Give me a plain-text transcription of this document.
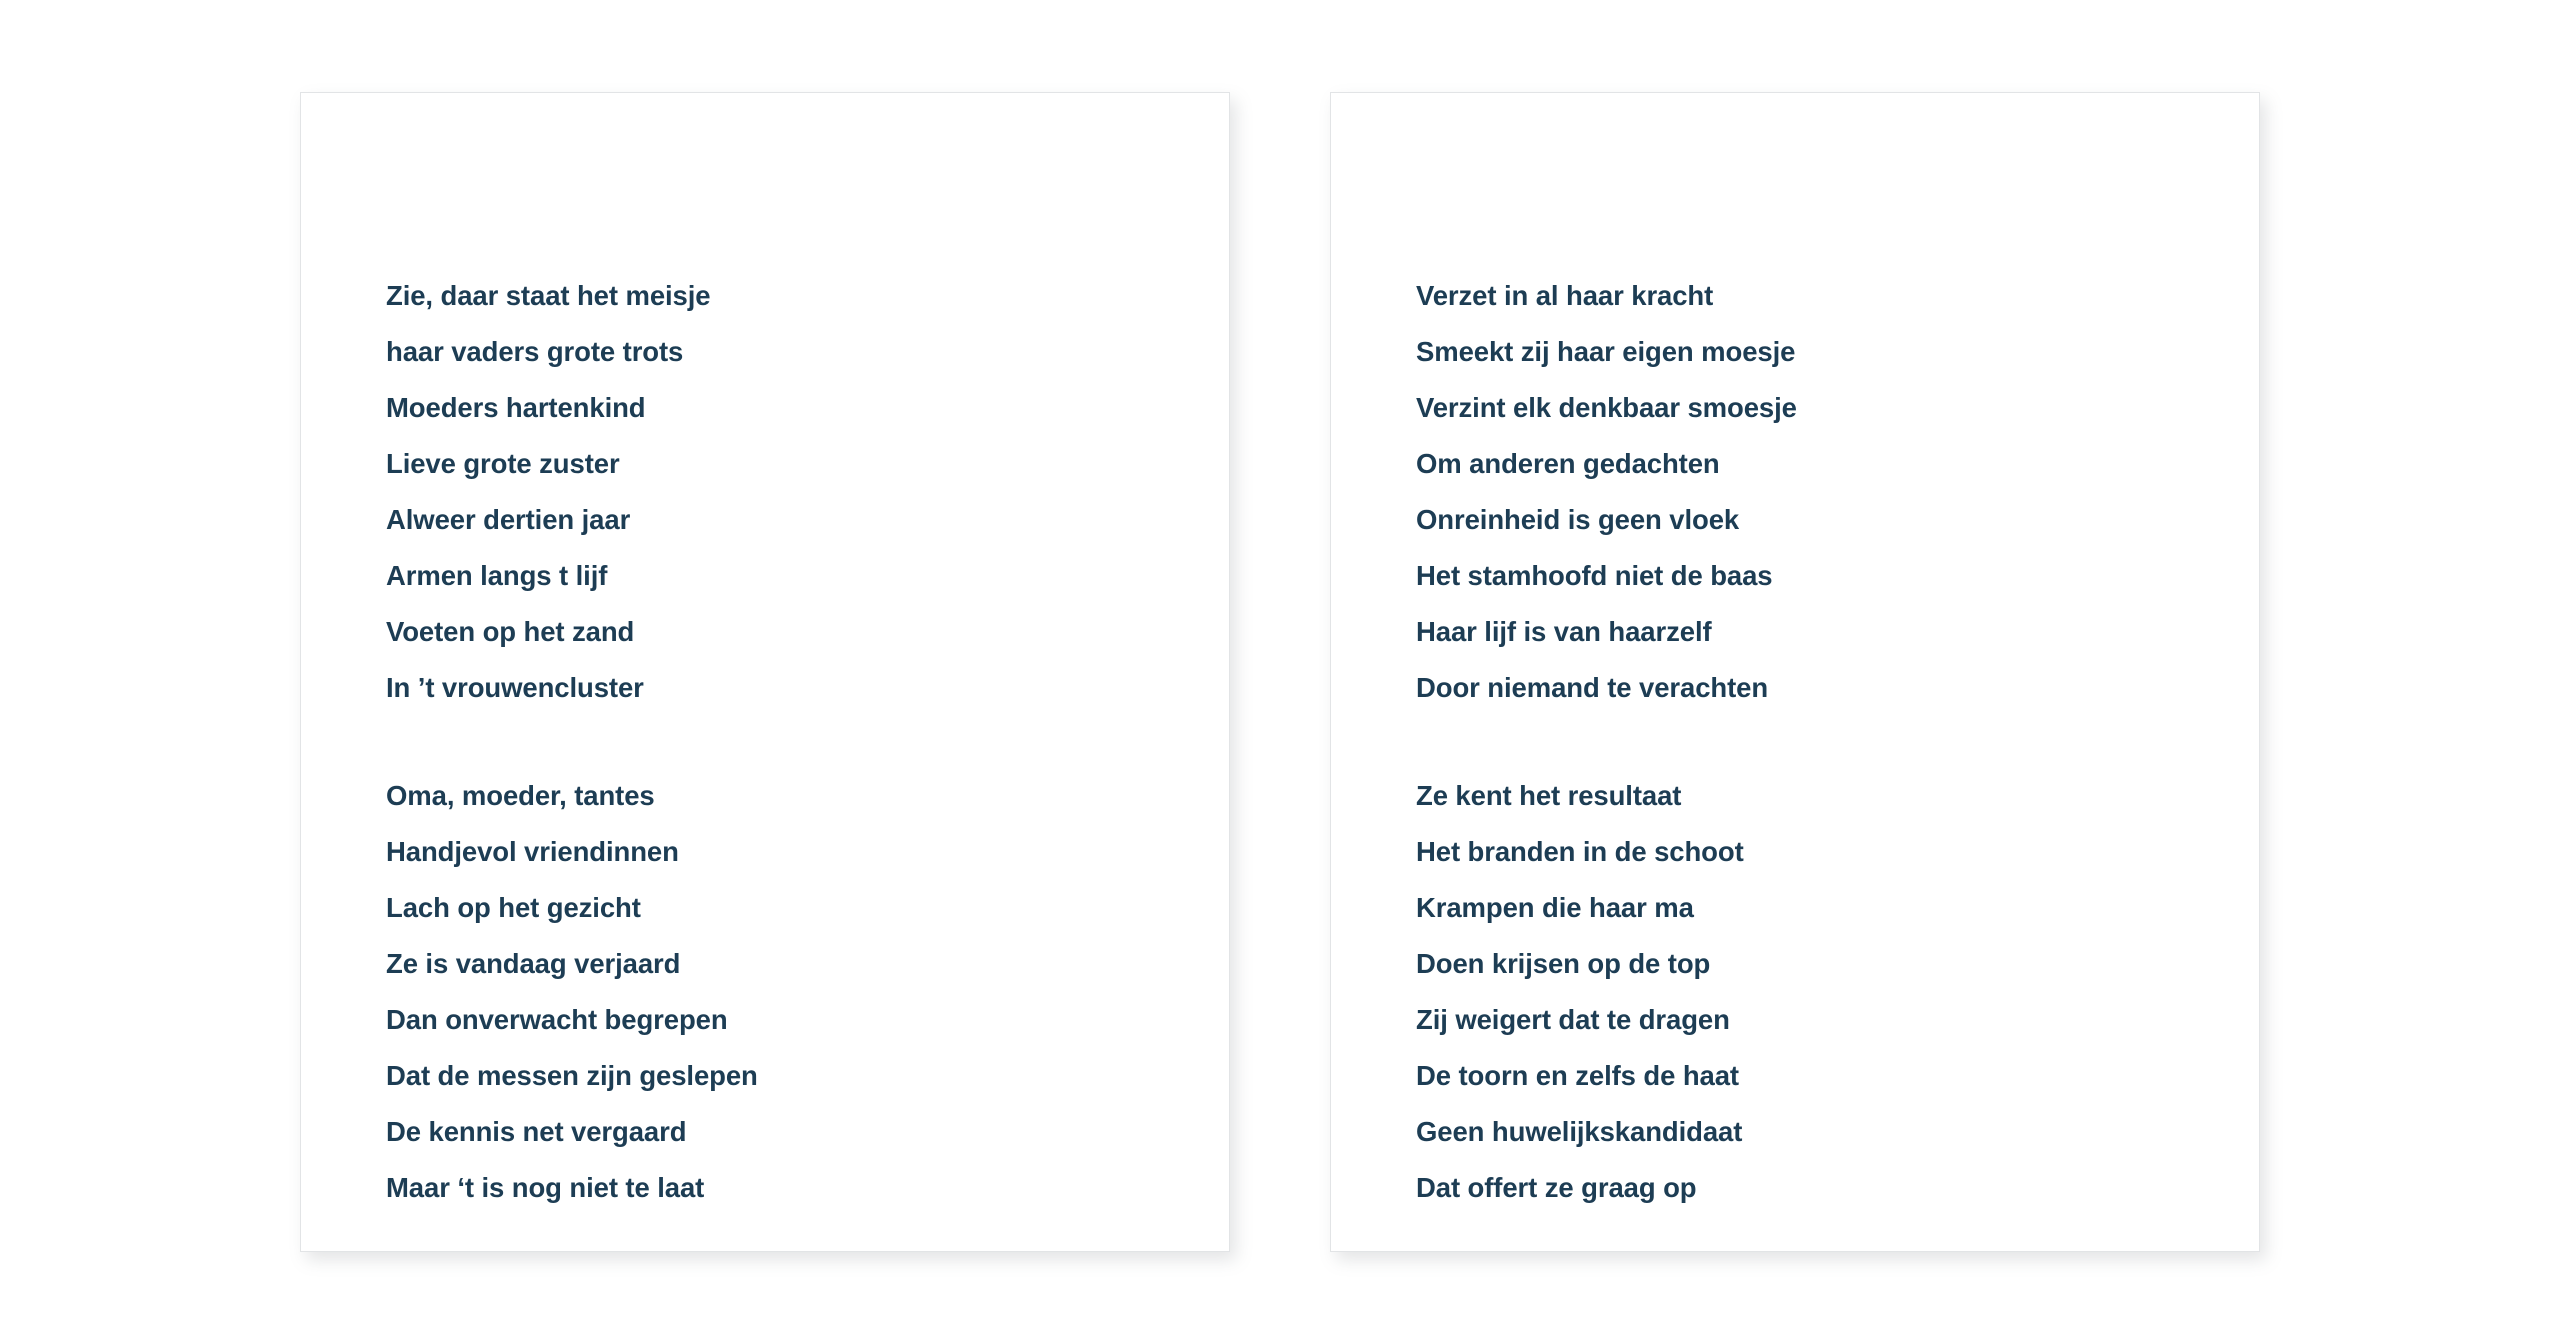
Zie, daar staat het meisje
haar vaders grote trots
Moeders hartenkind
Lieve grote zuster
Alweer dertien jaar
Armen langs t lijf
Voeten op het zand
In ’t vrouwencluster
Oma, moeder, tantes
Handjevol vriendinnen
Lach op het gezicht
Ze is vandaag verjaard
Dan onverwacht begrepen
Dat de messen zijn geslepen
De kennis net vergaard
Maar ‘t is nog niet te laat
Verzet in al haar kracht
Smeekt zij haar eigen moesje
Verzint elk denkbaar smoesje
Om anderen gedachten
Onreinheid is geen vloek
Het stamhoofd niet de baas
Haar lijf is van haarzelf
Door niemand te verachten
Ze kent het resultaat
Het branden in de schoot
Krampen die haar ma
Doen krijsen op de top
Zij weigert dat te dragen
De toorn en zelfs de haat
Geen huwelijkskandidaat
Dat offert ze graag op
